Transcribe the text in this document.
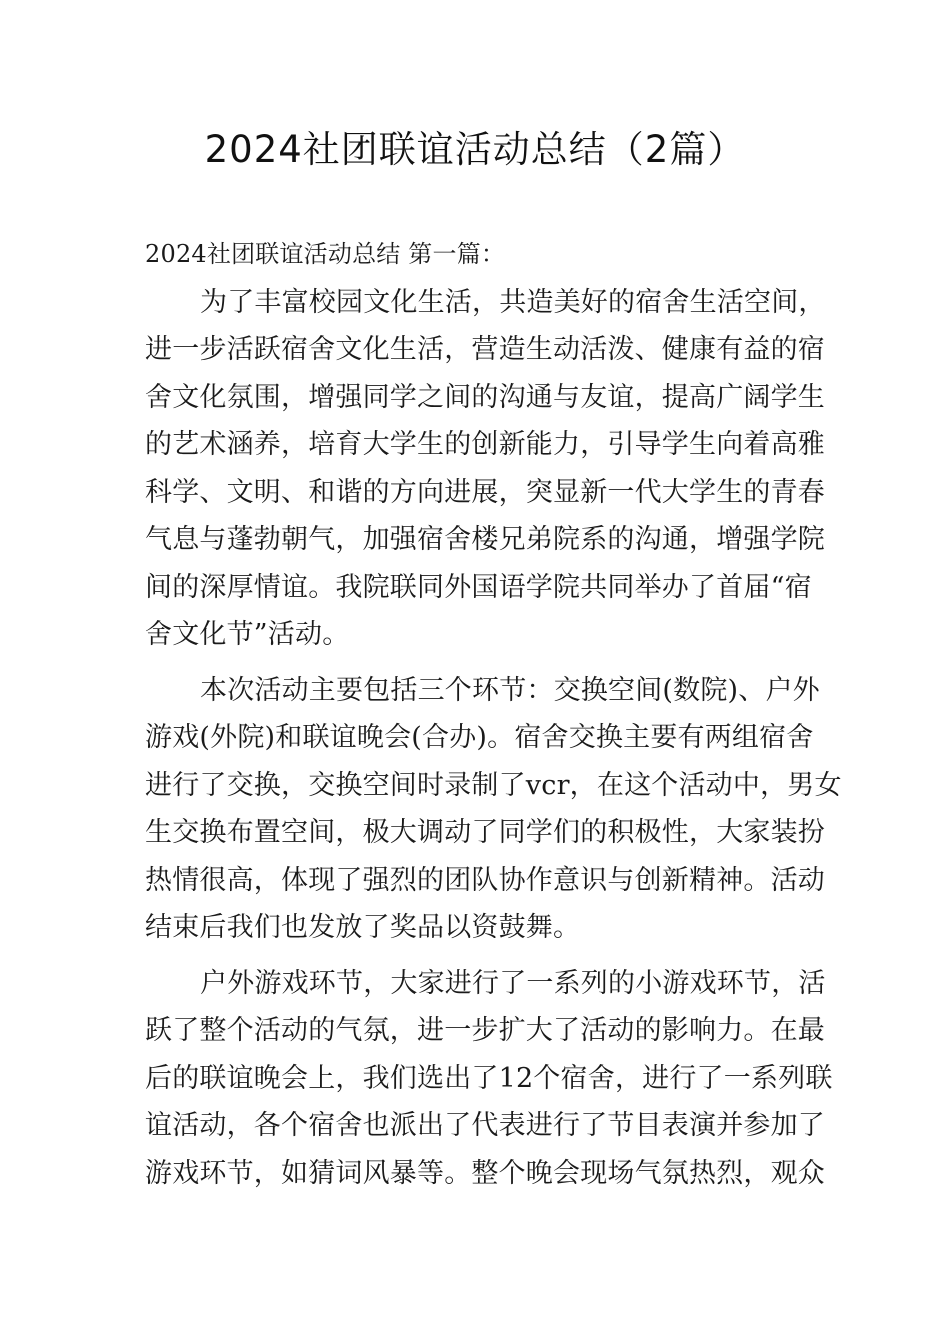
2024社团联谊活动总结（2篇）
2024社团联谊活动总结 第一篇：
为了丰富校园文化生活，共造美好的宿舍生活空间，
进一步活跃宿舍文化生活，营造生动活泼、健康有益的宿
舍文化氛围，增强同学之间的沟通与友谊，提高广阔学生
的艺术涵养，培育大学生的创新能力，引导学生向着高雅
科学、文明、和谐的方向进展，突显新一代大学生的青春
气息与蓬勃朝气，加强宿舍楼兄弟院系的沟通，增强学院
间的深厚情谊。我院联同外国语学院共同举办了首届“宿
舍文化节”活动。
本次活动主要包括三个环节：交换空间(数院)、户外
游戏(外院)和联谊晚会(合办)。宿舍交换主要有两组宿舍
进行了交换，交换空间时录制了vcr，在这个活动中，男女
生交换布置空间，极大调动了同学们的积极性，大家装扮
热情很高，体现了强烈的团队协作意识与创新精神。活动
结束后我们也发放了奖品以资鼓舞。
户外游戏环节，大家进行了一系列的小游戏环节，活
跃了整个活动的气氛，进一步扩大了活动的影响力。在最
后的联谊晚会上，我们选出了12个宿舍，进行了一系列联
谊活动，各个宿舍也派出了代表进行了节目表演并参加了
游戏环节，如猜词风暴等。整个晚会现场气氛热烈，观众
